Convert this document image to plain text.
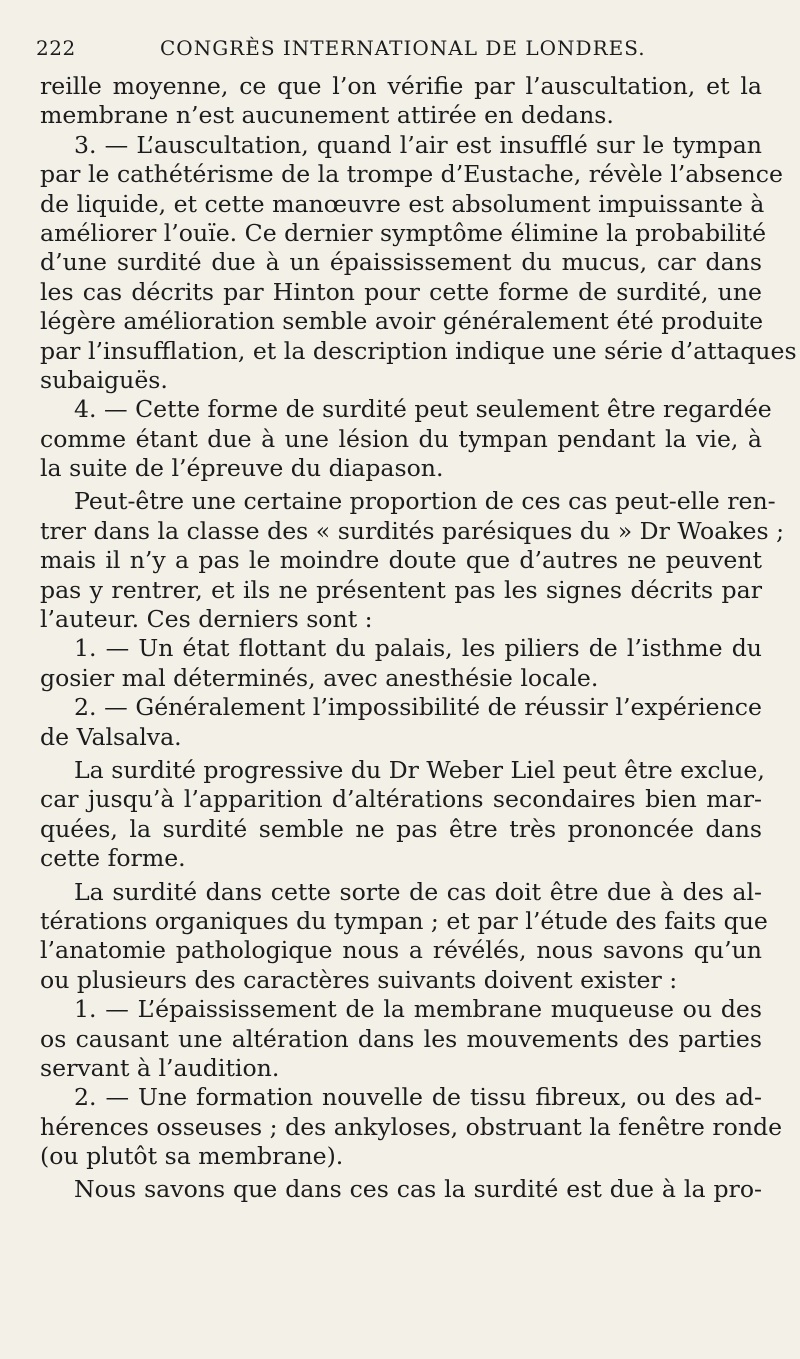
222	CONGRÈS INTERNATIONAL DE LONDRES.
reille moyenne, ce que l’on vérifie par l’auscultation, et la
membrane n’est aucunement attirée en dedans.
3. — L’auscultation, quand l’air est insufflé sur le tympan
par le cathétérisme de la trompe d’Eustache, révèle l’absence
de liquide, et cette manœuvre est absolument impuissante à
améliorer l’ouïe. Ce dernier symptôme élimine la probabilité
d’une surdité due à un épaississement du mucus, car dans
les cas décrits par Hinton pour cette forme de surdité, une
légère amélioration semble avoir généralement été produite
par l’insufflation, et la description indique une série d’attaques
subaiguës.
4. — Cette forme de surdité peut seulement être regardée
comme étant due à une lésion du tympan pendant la vie, à
la suite de l’épreuve du diapason.
Peut-être une certaine proportion de ces cas peut-elle ren-
trer dans la classe des « surdités parésiques du » Dr Woakes ;
mais il n’y a pas le moindre doute que d’autres ne peuvent
pas y rentrer, et ils ne présentent pas les signes décrits par
l’auteur. Ces derniers sont :
1. — Un état flottant du palais, les piliers de l’isthme du
gosier mal déterminés, avec anesthésie locale.
2. — Généralement l’impossibilité de réussir l’expérience
de Valsalva.
La surdité progressive du Dr Weber Liel peut être exclue,
car jusqu’à l’apparition d’altérations secondaires bien mar-
quées, la surdité semble ne pas être très prononcée dans
cette forme.
La surdité dans cette sorte de cas doit être due à des al-
térations organiques du tympan ; et par l’étude des faits que
l’anatomie pathologique nous a révélés, nous savons qu’un
ou plusieurs des caractères suivants doivent exister :
1. — L’épaississement de la membrane muqueuse ou des
os causant une altération dans les mouvements des parties
servant à l’audition.
2. — Une formation nouvelle de tissu fibreux, ou des ad-
hérences osseuses ; des ankyloses, obstruant la fenêtre ronde
(ou plutôt sa membrane).
Nous savons que dans ces cas la surdité est due à la pro-
